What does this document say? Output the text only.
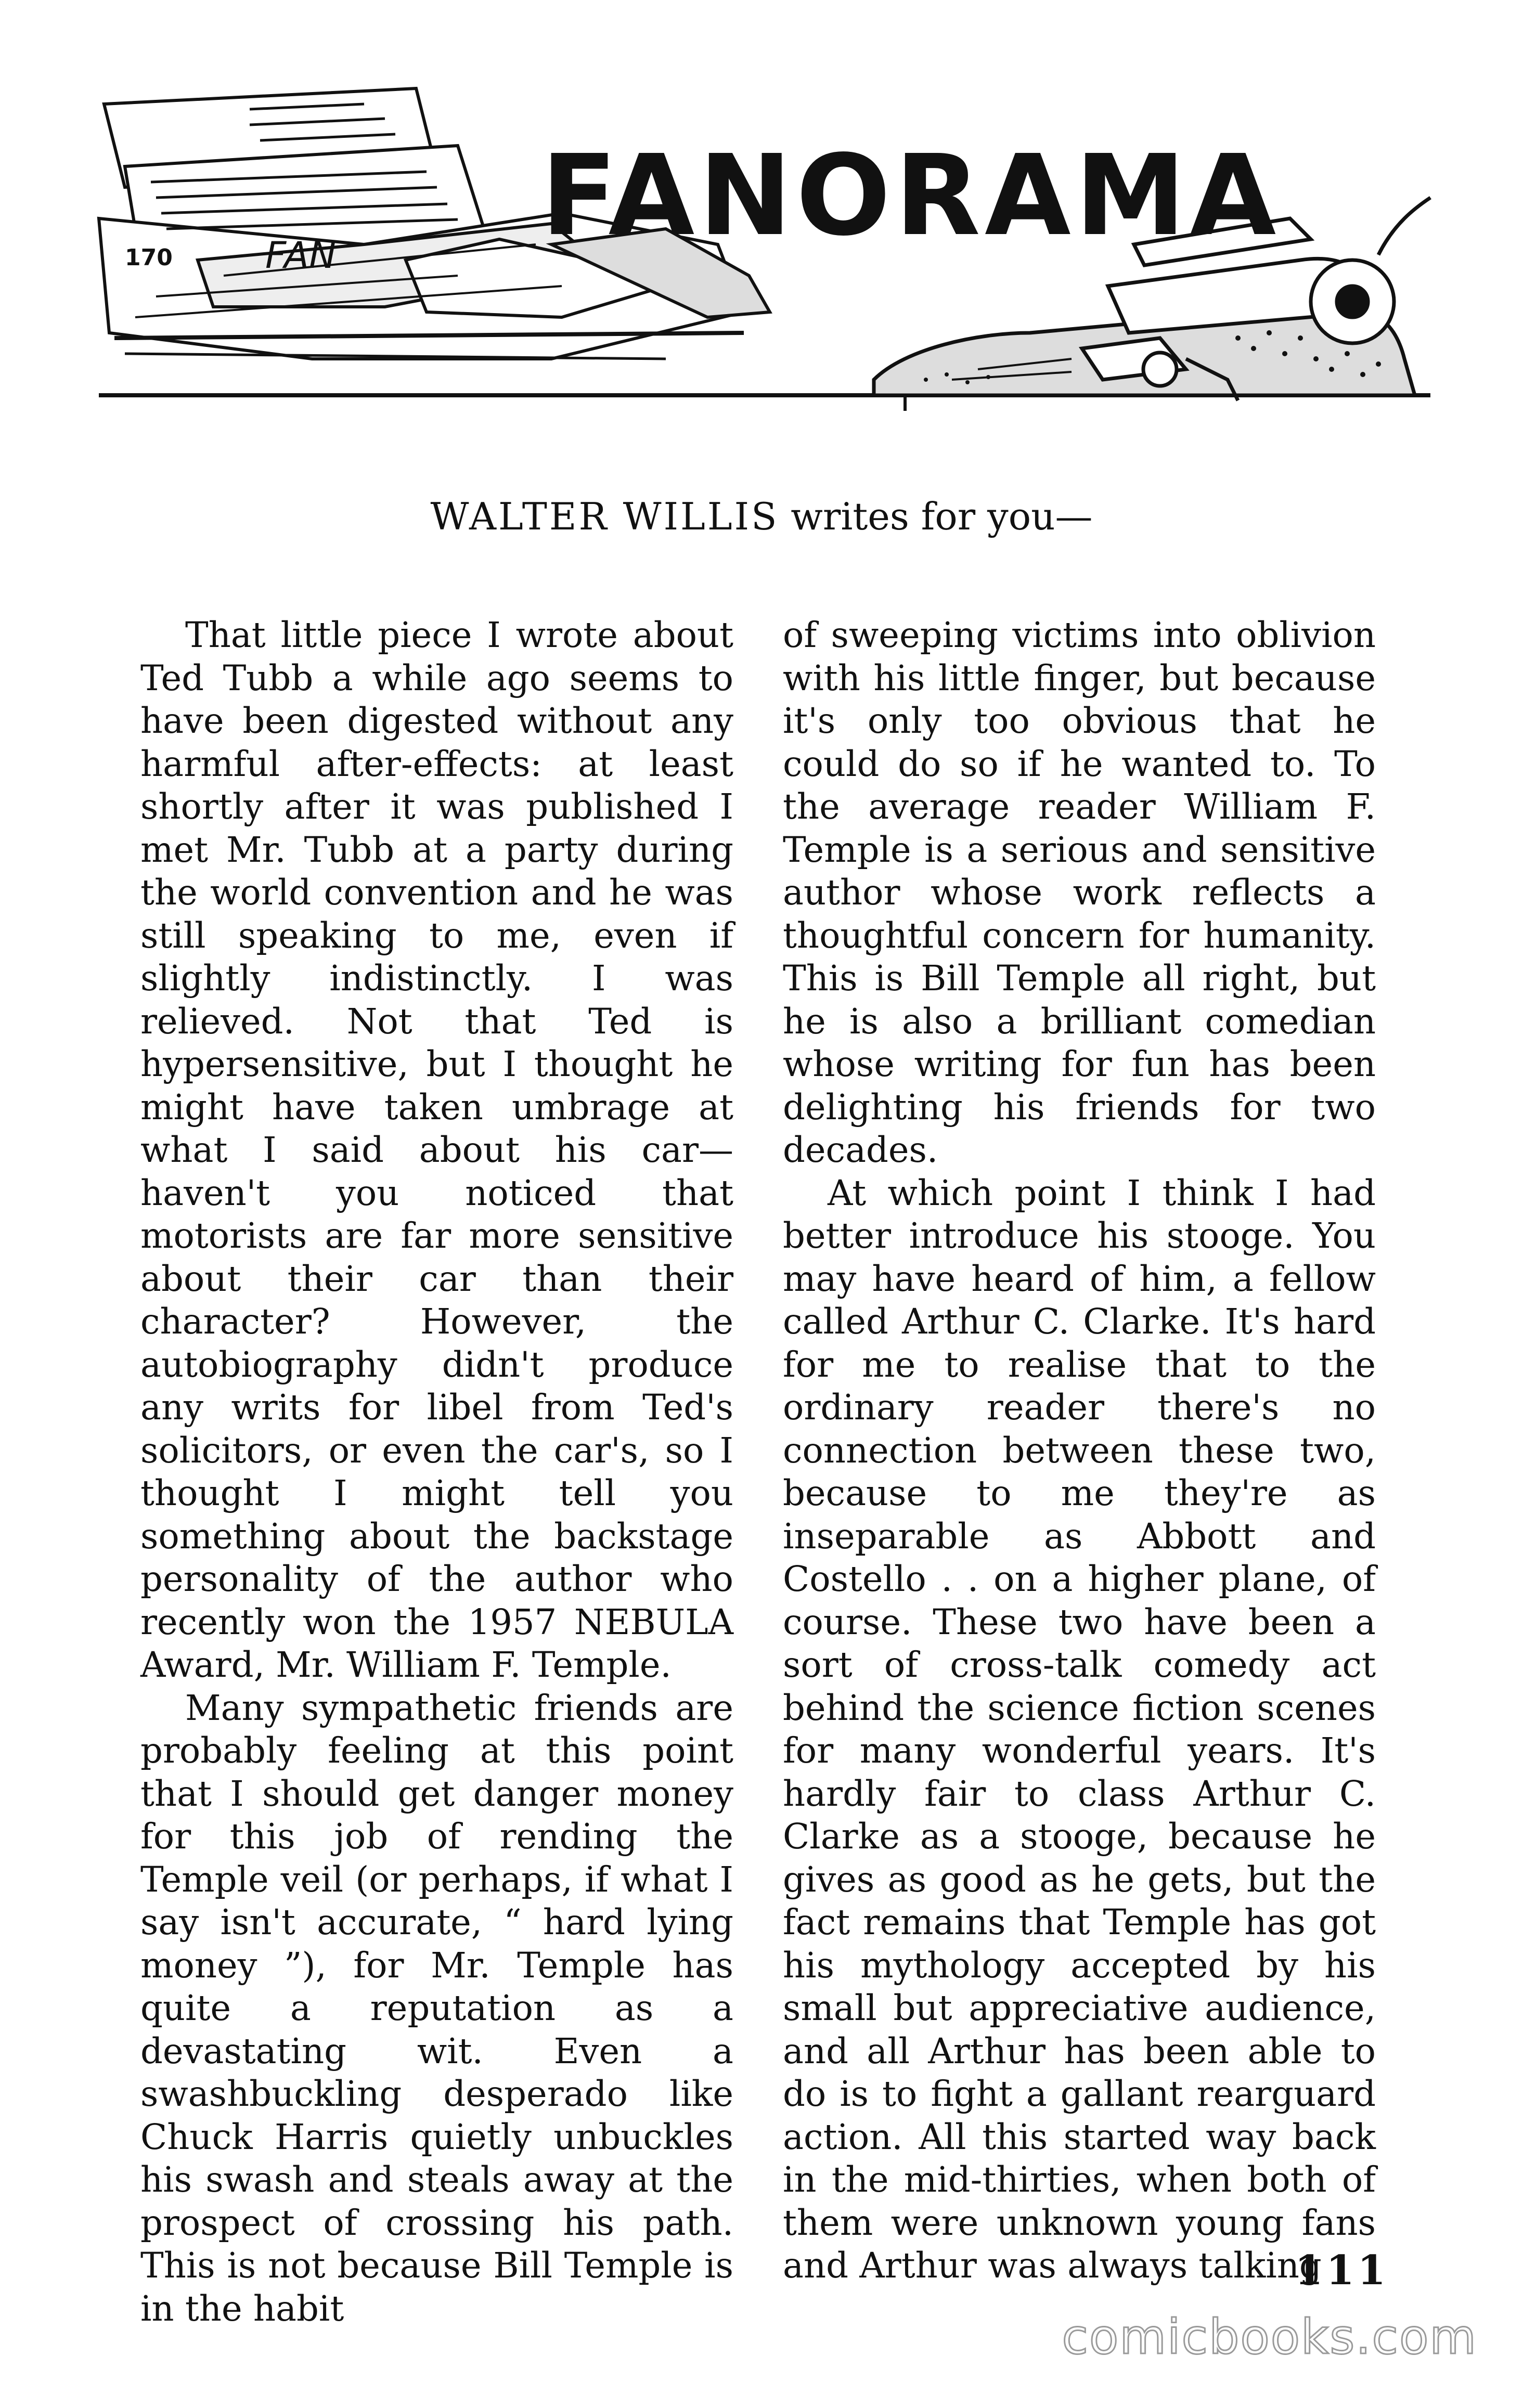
170	FAN FANORAMA
WALTER WILLIS writes for you—

That little piece I wrote about Ted Tubb a while ago seems to have been digested without any harmful after-effects: at least shortly after it was published I met Mr. Tubb at a party during the world convention and he was still speaking to me, even if slightly indistinctly. I was relieved. Not that Ted is hypersensitive, but I thought he might have taken umbrage at what I said about his car—haven't you noticed that motorists are far more sensitive about their car than their character? However, the autobiography didn't produce any writs for libel from Ted's solicitors, or even the car's, so I thought I might tell you something about the backstage personality of the author who recently won the 1957 NEBULA Award, Mr. William F. Temple.

Many sympathetic friends are probably feeling at this point that I should get danger money for this job of rending the Temple veil (or perhaps, if what I say isn't accurate, “ hard lying money ”), for Mr. Temple has quite a reputation as a devastating wit. Even a swashbuckling desperado like Chuck Harris quietly unbuckles his swash and steals away at the prospect of crossing his path. This is not because Bill Temple is in the habit

of sweeping victims into oblivion with his little finger, but because it's only too obvious that he could do so if he wanted to. To the average reader William F. Temple is a serious and sensitive author whose work reflects a thoughtful concern for humanity. This is Bill Temple all right, but he is also a brilliant comedian whose writing for fun has been delighting his friends for two decades.

At which point I think I had better introduce his stooge. You may have heard of him, a fellow called Arthur C. Clarke. It's hard for me to realise that to the ordinary reader there's no connection between these two, because to me they're as inseparable as Abbott and Costello . . on a higher plane, of course. These two have been a sort of cross-talk comedy act behind the science fiction scenes for many wonderful years. It's hardly fair to class Arthur C. Clarke as a stooge, because he gives as good as he gets, but the fact remains that Temple has got his mythology accepted by his small but appreciative audience, and all Arthur has been able to do is to fight a gallant rearguard action. All this started way back in the mid-thirties, when both of them were unknown young fans and Arthur was always talking

111
comicbooks.com
